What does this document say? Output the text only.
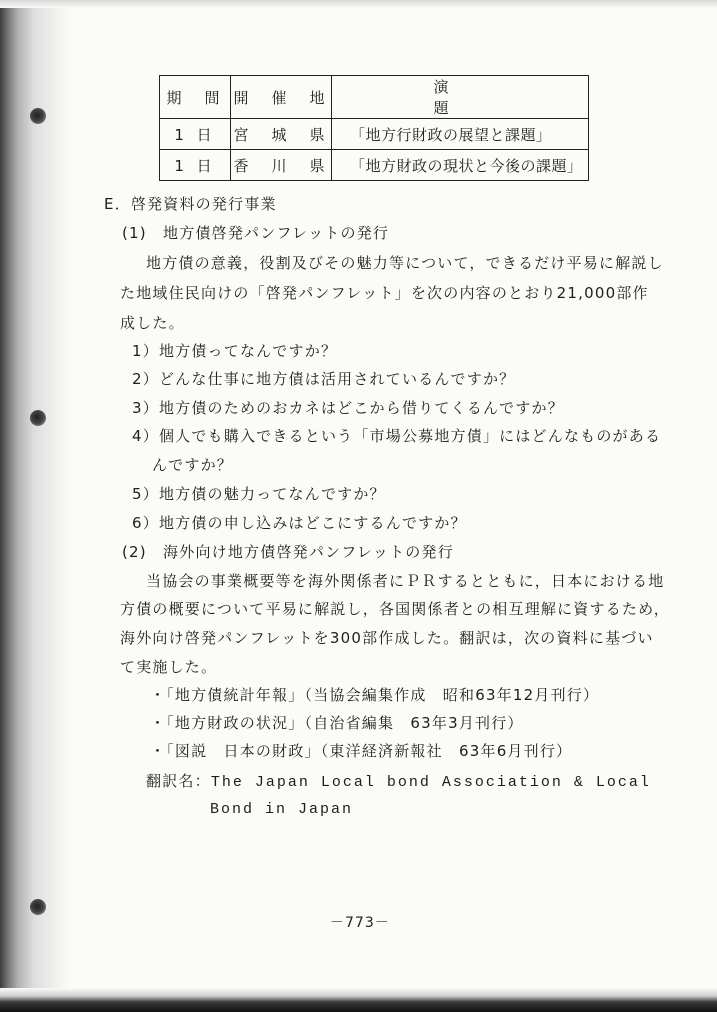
期　間	開　催　地	演　　　題
1 日	宮　城　県	「地方行財政の展望と課題」
1 日	香　川　県	「地方財政の現状と今後の課題」
E．啓発資料の発行事業
(1)　地方債啓発パンフレットの発行
地方債の意義，役割及びその魅力等について，できるだけ平易に解説し
た地域住民向けの「啓発パンフレット」を次の内容のとおり21,000部作
成した。
1）地方債ってなんですか？
2）どんな仕事に地方債は活用されているんですか？
3）地方債のためのおカネはどこから借りてくるんですか？
4）個人でも購入できるという「市場公募地方債」にはどんなものがある
んですか？
5）地方債の魅力ってなんですか？
6）地方債の申し込みはどこにするんですか？
(2)　海外向け地方債啓発パンフレットの発行
当協会の事業概要等を海外関係者にＰＲするとともに，日本における地
方債の概要について平易に解説し，各国関係者との相互理解に資するため，
海外向け啓発パンフレットを300部作成した。翻訳は，次の資料に基づい
て実施した。
・「地方債統計年報」（当協会編集作成　昭和63年12月刊行）
・「地方財政の状況」（自治省編集　63年3月刊行）
・「図説　日本の財政」（東洋経済新報社　63年6月刊行）
翻訳名：The Japan Local bond Association & Local
Bond in Japan
－773－
